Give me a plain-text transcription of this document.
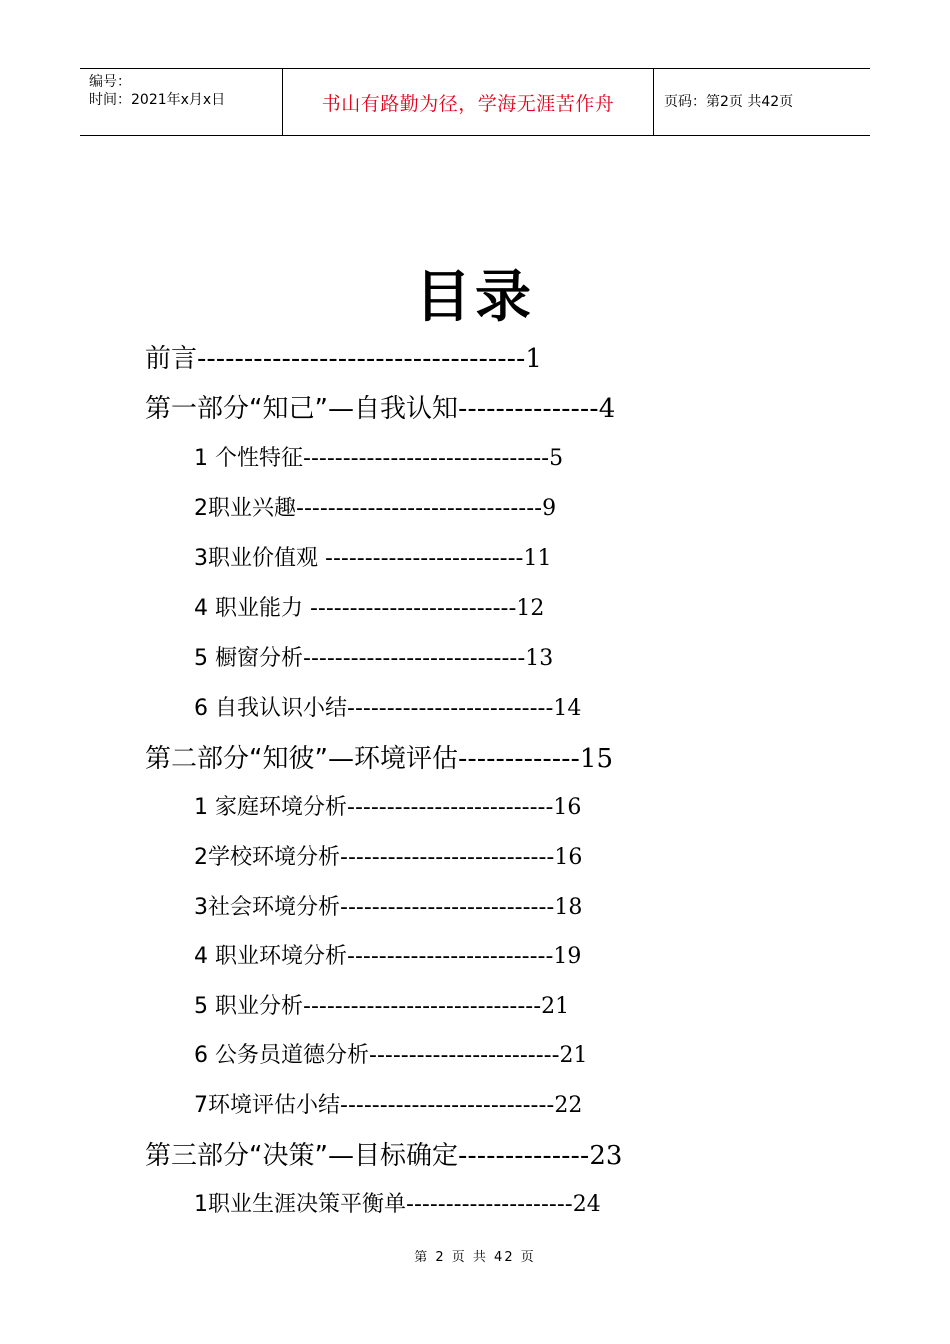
编号：
时间：2021年x月x日	书山有路勤为径，学海无涯苦作舟	页码：第2页 共42页
目录
前言-----------------------------------1
第一部分“知己”—自我认知---------------4
1 个性特征-------------------------------5
2职业兴趣-------------------------------9
3职业价值观 -------------------------11
4 职业能力 --------------------------12
5 橱窗分析----------------------------13
6 自我认识小结--------------------------14
第二部分“知彼”—环境评估-------------15
1 家庭环境分析--------------------------16
2学校环境分析---------------------------16
3社会环境分析---------------------------18
4 职业环境分析--------------------------19
5 职业分析------------------------------21
6 公务员道德分析------------------------21
7环境评估小结---------------------------22
第三部分“决策”—目标确定--------------23
1职业生涯决策平衡单---------------------24
第 2 页 共 42 页
